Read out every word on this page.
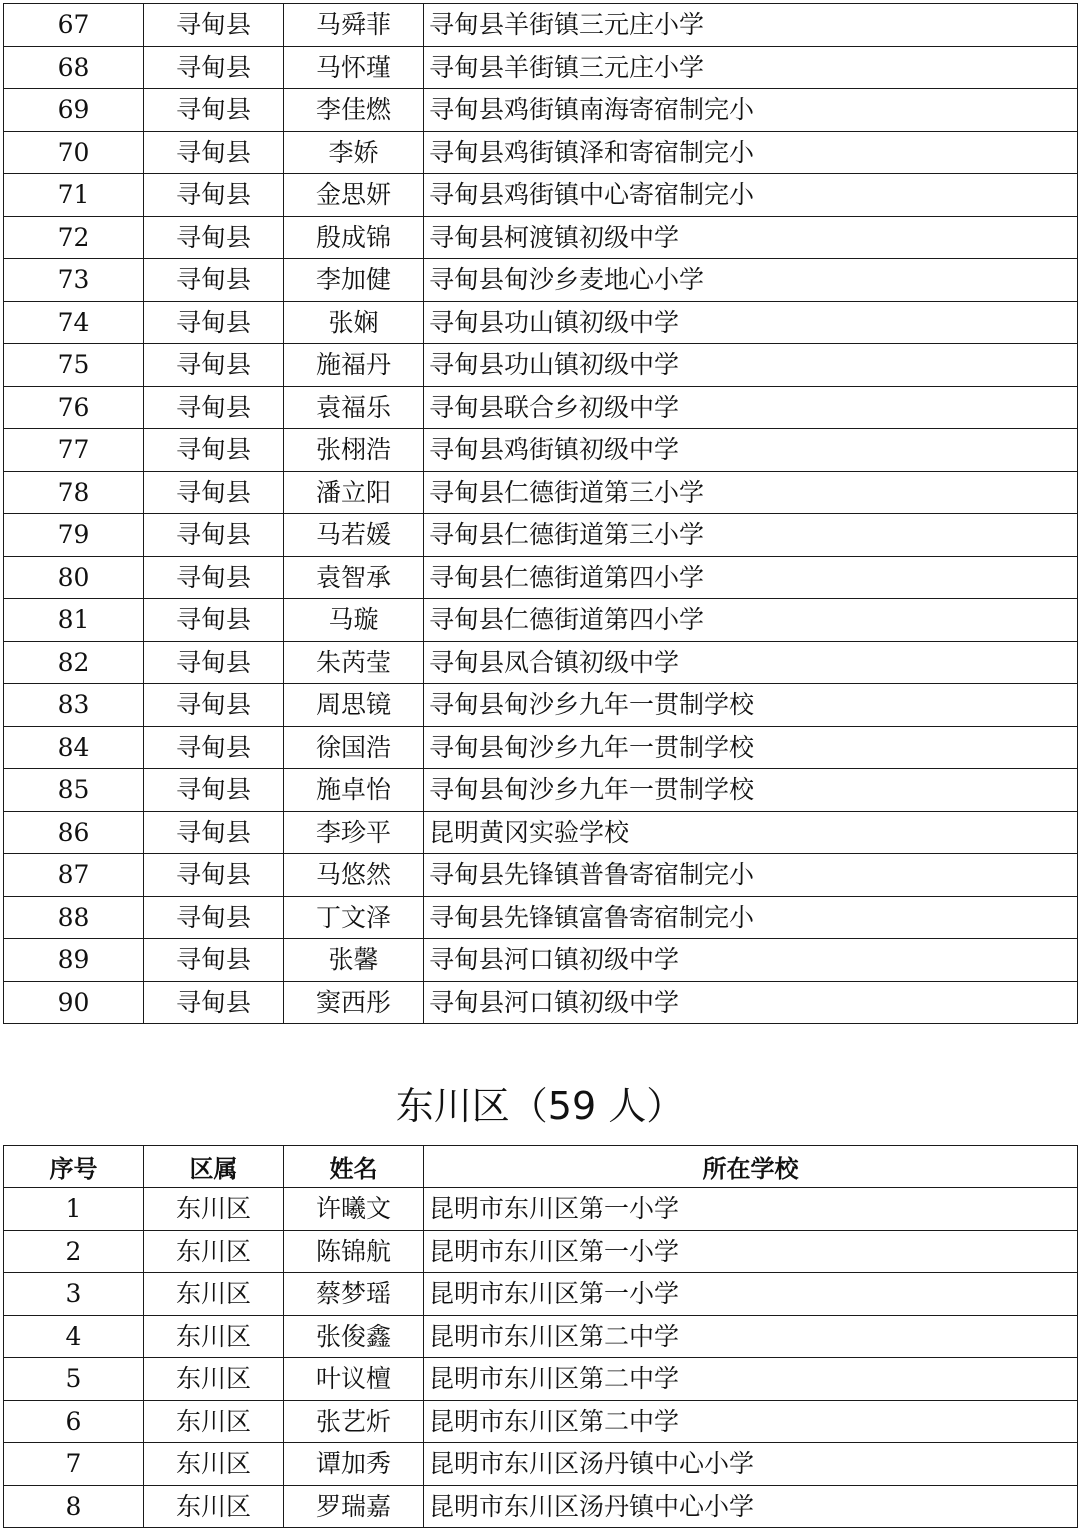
67	寻甸县	马舜菲	寻甸县羊街镇三元庄小学
68	寻甸县	马怀瑾	寻甸县羊街镇三元庄小学
69	寻甸县	李佳燃	寻甸县鸡街镇南海寄宿制完小
70	寻甸县	李娇	寻甸县鸡街镇泽和寄宿制完小
71	寻甸县	金思妍	寻甸县鸡街镇中心寄宿制完小
72	寻甸县	殷成锦	寻甸县柯渡镇初级中学
73	寻甸县	李加健	寻甸县甸沙乡麦地心小学
74	寻甸县	张娴	寻甸县功山镇初级中学
75	寻甸县	施福丹	寻甸县功山镇初级中学
76	寻甸县	袁福乐	寻甸县联合乡初级中学
77	寻甸县	张栩浩	寻甸县鸡街镇初级中学
78	寻甸县	潘立阳	寻甸县仁德街道第三小学
79	寻甸县	马若媛	寻甸县仁德街道第三小学
80	寻甸县	袁智承	寻甸县仁德街道第四小学
81	寻甸县	马璇	寻甸县仁德街道第四小学
82	寻甸县	朱芮莹	寻甸县凤合镇初级中学
83	寻甸县	周思镜	寻甸县甸沙乡九年一贯制学校
84	寻甸县	徐国浩	寻甸县甸沙乡九年一贯制学校
85	寻甸县	施卓怡	寻甸县甸沙乡九年一贯制学校
86	寻甸县	李珍平	昆明黄冈实验学校
87	寻甸县	马悠然	寻甸县先锋镇普鲁寄宿制完小
88	寻甸县	丁文泽	寻甸县先锋镇富鲁寄宿制完小
89	寻甸县	张馨	寻甸县河口镇初级中学
90	寻甸县	窦西彤	寻甸县河口镇初级中学
东川区（59 人）
序号	区属	姓名	所在学校
1	东川区	许曦文	昆明市东川区第一小学
2	东川区	陈锦航	昆明市东川区第一小学
3	东川区	蔡梦瑶	昆明市东川区第一小学
4	东川区	张俊鑫	昆明市东川区第二中学
5	东川区	叶议檀	昆明市东川区第二中学
6	东川区	张艺炘	昆明市东川区第二中学
7	东川区	谭加秀	昆明市东川区汤丹镇中心小学
8	东川区	罗瑞嘉	昆明市东川区汤丹镇中心小学
